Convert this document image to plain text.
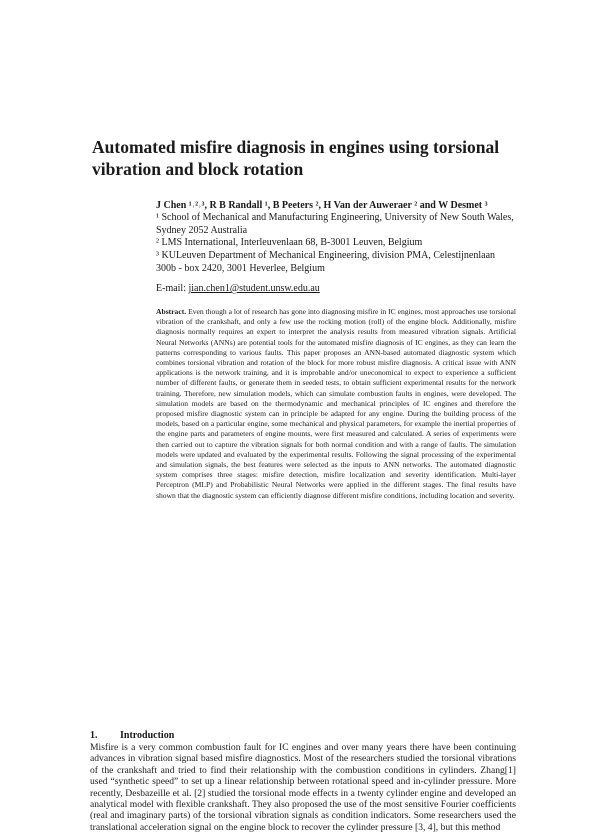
Automated misfire diagnosis in engines using torsional vibration and block rotation
J Chen ¹˒²˒³, R B Randall ¹, B Peeters ², H Van der Auweraer ² and W Desmet ³
¹ School of Mechanical and Manufacturing Engineering, University of New South Wales, Sydney 2052 Australia
² LMS International, Interleuvenlaan 68, B-3001 Leuven, Belgium
³ KULeuven Department of Mechanical Engineering, division PMA, Celestijnenlaan 300b - box 2420, 3001 Heverlee, Belgium
E-mail: jian.chen1@student.unsw.edu.au
Abstract. Even though a lot of research has gone into diagnosing misfire in IC engines, most approaches use torsional vibration of the crankshaft, and only a few use the rocking motion (roll) of the engine block. Additionally, misfire diagnosis normally requires an expert to interpret the analysis results from measured vibration signals. Artificial Neural Networks (ANNs) are potential tools for the automated misfire diagnosis of IC engines, as they can learn the patterns corresponding to various faults. This paper proposes an ANN-based automated diagnostic system which combines torsional vibration and rotation of the block for more robust misfire diagnosis. A critical issue with ANN applications is the network training, and it is improbable and/or uneconomical to expect to experience a sufficient number of different faults, or generate them in seeded tests, to obtain sufficient experimental results for the network training. Therefore, new simulation models, which can simulate combustion faults in engines, were developed. The simulation models are based on the thermodynamic and mechanical principles of IC engines and therefore the proposed misfire diagnostic system can in principle be adapted for any engine. During the building process of the models, based on a particular engine, some mechanical and physical parameters, for example the inertial properties of the engine parts and parameters of engine mounts, were first measured and calculated. A series of experiments were then carried out to capture the vibration signals for both normal condition and with a range of faults. The simulation models were updated and evaluated by the experimental results. Following the signal processing of the experimental and simulation signals, the best features were selected as the inputs to ANN networks. The automated diagnostic system comprises three stages: misfire detection, misfire localization and severity identification. Multi-layer Perceptron (MLP) and Probabilistic Neural Networks were applied in the different stages. The final results have shown that the diagnostic system can efficiently diagnose different misfire conditions, including location and severity.
1. Introduction
Misfire is a very common combustion fault for IC engines and over many years there have been continuing advances in vibration signal based misfire diagnostics. Most of the researchers studied the torsional vibrations of the crankshaft and tried to find their relationship with the combustion conditions in cylinders. Zhang[1] used “synthetic speed” to set up a linear relationship between rotational speed and in-cylinder pressure. More recently, Desbazeille et al. [2] studied the torsional mode effects in a twenty cylinder engine and developed an analytical model with flexible crankshaft. They also proposed the use of the most sensitive Fourier coefficients (real and imaginary parts) of the torsional vibration signals as condition indicators. Some researchers used the translational acceleration signal on the engine block to recover the cylinder pressure [3, 4], but this method
